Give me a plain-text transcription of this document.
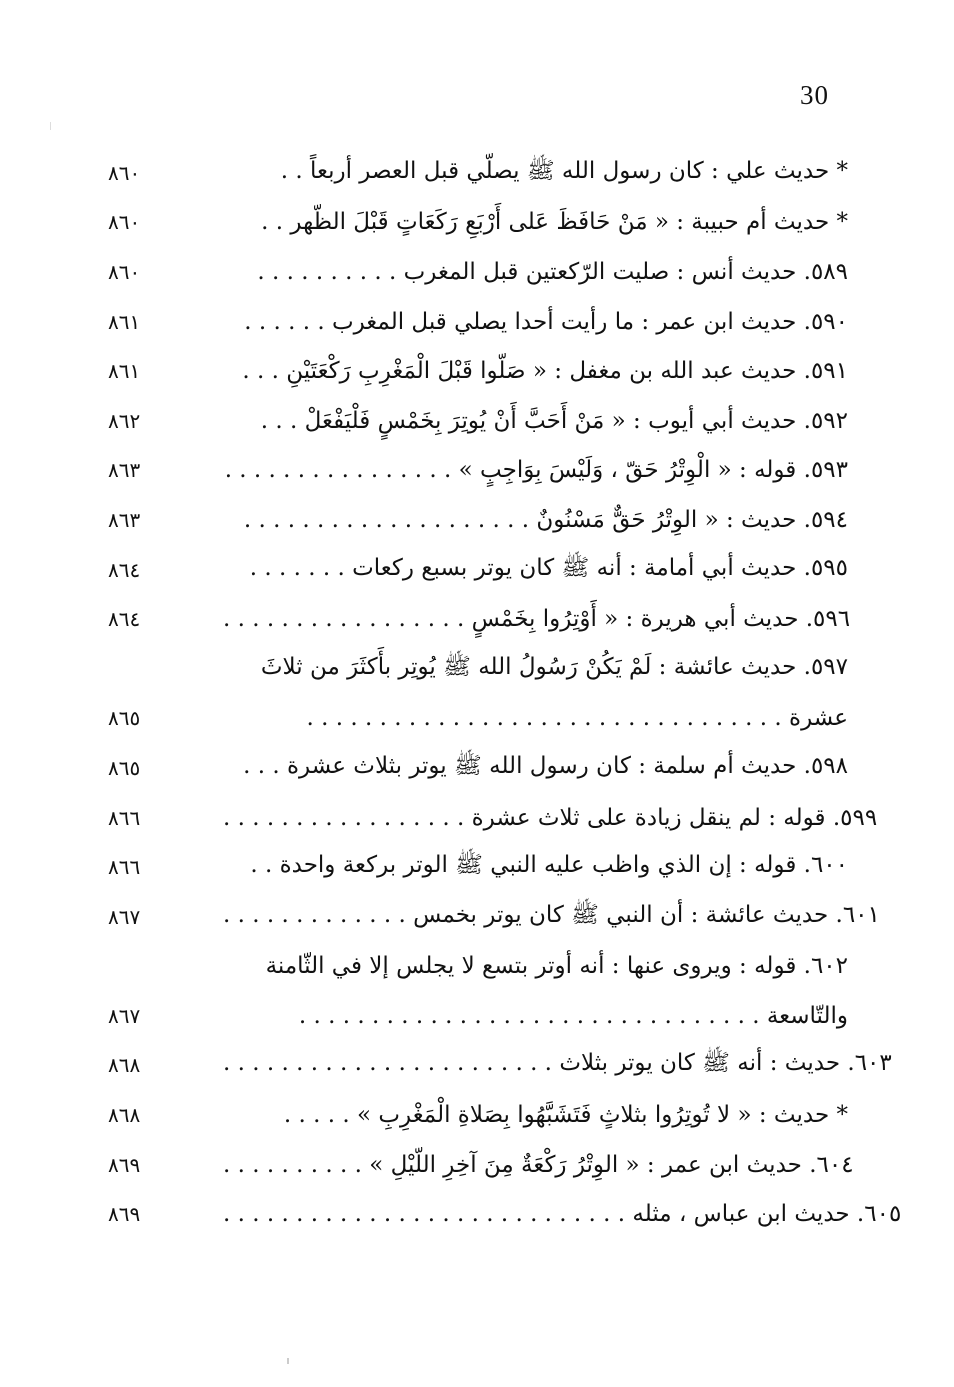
30
٨٦٠	* حديث علي : كان رسول الله ﷺ يصلّي قبل العصر أربعاً . .
٨٦٠	* حديث أم حبيبة : « مَنْ حَافَظَ عَلى أَرْبَعِ رَكَعَاتٍ قَبْلَ الظّهر . .
٨٦٠	٥٨٩. حديث أنس : صليت الرّكعتين قبل المغرب . . . . . . . . . .
٨٦١	٥٩٠. حديث ابن عمر : ما رأيت أحدا يصلي قبل المغرب . . . . . .
٨٦١	٥٩١. حديث عبد الله بن مغفل : « صَلّوا قَبْلَ الْمَغْرِبِ رَكْعَتَيْنِ . . .
٨٦٢	٥٩٢. حديث أبي أيوب : « مَنْ أَحَبَّ أَنْ يُوتِرَ بِخَمْسٍ فَلْيَفْعَلْ . . .
٨٦٣	٥٩٣. قوله : « الْوِتْرُ حَقّ ، وَلَيْسَ بِوَاجِبٍ » . . . . . . . . . . . . . . . .
٨٦٣	٥٩٤. حديث : « الوِتْرُ حَقٌّ مَسْنُونٌ . . . . . . . . . . . . . . . . . . . .
٨٦٤	٥٩٥. حديث أبي أمامة : أنه ﷺ كان يوتر بسبع ركعات . . . . . . .
٨٦٤	٥٩٦. حديث أبي هريرة : « أَوْتِرُوا بِخَمْسٍ . . . . . . . . . . . . . . . . .
٥٩٧. حديث عائشة : لَمْ يَكُنْ رَسُولُ الله ﷺ يُوتِر بأَكثَرَ من ثلاثَ
٨٦٥	عشرة . . . . . . . . . . . . . . . . . . . . . . . . . . . . . . . . .
٨٦٥	٥٩٨. حديث أم سلمة : كان رسول الله ﷺ يوتر بثلاث عشرة . . .
٨٦٦	٥٩٩. قوله : لم ينقل زيادة على ثلاث عشرة . . . . . . . . . . . . . . . . .
٨٦٦	٦٠٠. قوله : إن الذي واظب عليه النبي ﷺ الوتر بركعة واحدة . .
٨٦٧	٦٠١. حديث عائشة : أن النبي ﷺ كان يوتر بخمس . . . . . . . . . . . . .
٦٠٢. قوله : ويروى عنها : أنه أوتر بتسع لا يجلس إلا في الثّامنة
٨٦٧	والتّاسعة . . . . . . . . . . . . . . . . . . . . . . . . . . . . . . . .
٨٦٨	٦٠٣. حديث : أنه ﷺ كان يوتر بثلاث . . . . . . . . . . . . . . . . . . . . . . .
٨٦٨	* حديث : « لا تُوتِرُوا بثلاثٍ فَتَشَبَّهُوا بِصَلاةِ الْمَغْرِبِ » . . . . .
٨٦٩	٦٠٤. حديث ابن عمر : « الوِتْرُ رَكْعَةٌ مِنَ آخِرِ اللّيْلِ » . . . . . . . . . .
٨٦٩	٦٠٥. حديث ابن عباس ، مثله . . . . . . . . . . . . . . . . . . . . . . . . . . . .
